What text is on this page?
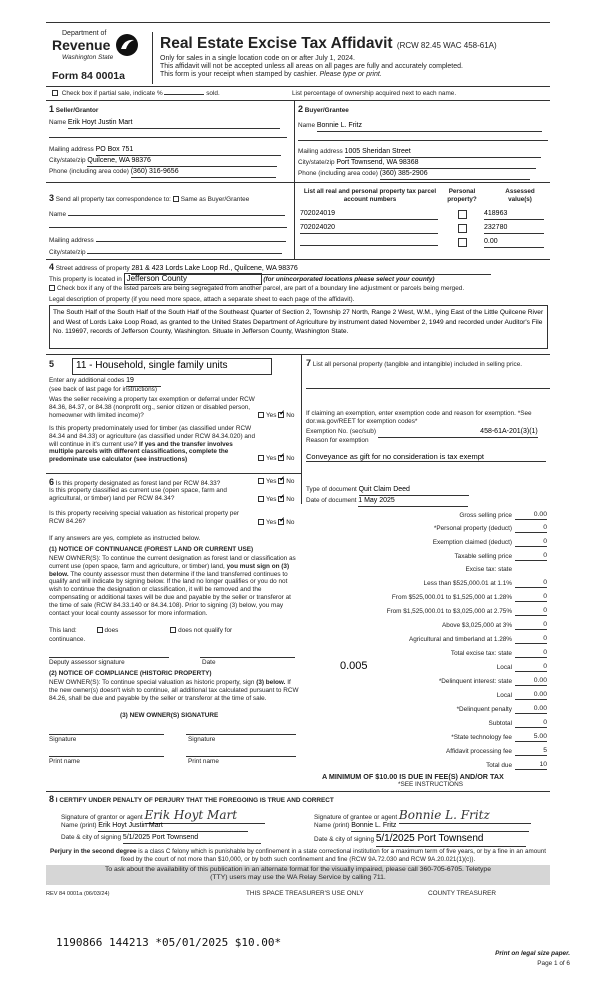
Department of
Revenue
Washington State
Form 84 0001a
Real Estate Excise Tax Affidavit (RCW 82.45 WAC 458-61A)
Only for sales in a single location code on or after July 1, 2024.
This affidavit will not be accepted unless all areas on all pages are fully and accurately completed.
This form is your receipt when stamped by cashier. Please type or print.
Check box if partial sale, indicate %	sold.	List percentage of ownership acquired next to each name.
1 Seller/Grantor
Name Erik Hoyt Justin Mart
Mailing address PO Box 751
City/state/zip Quilcene, WA 98376
Phone (including area code) (360) 316-9656
2 Buyer/Grantee
Name Bonnie L. Fritz
Mailing address 1005 Sheridan Street
City/state/zip Port Townsend, WA 98368
Phone (including area code) (360) 385-2906
3 Send all property tax correspondence to: Same as Buyer/Grantee
Name
Mailing address
City/state/zip
List all real and personal property tax parcel account numbers
Personal property?
Assessed value(s)
702024019	418963
702024020	232780
0.00
4 Street address of property 281 & 423 Lords Lake Loop Rd., Quilcene, WA 98376
This property is located in Jefferson County	(for unincorporated locations please select your county)
Check box if any of the listed parcels are being segregated from another parcel, are part of a boundary line adjustment or parcels being merged.
Legal description of property (if you need more space, attach a separate sheet to each page of the affidavit).
The South Half of the South Half of the South Half of the Southeast Quarter of Section 2, Township 27 North, Range 2 West, W.M., lying East of the Little Quilcene River and West of Lords Lake Loop Road, as granted to the United States Department of Agriculture by instrument dated November 2, 1949 and recorded under Auditor's File No. 119697, records of Jefferson County, Washington. Situate in Jefferson County, Washington State.
5	11 - Household, single family units
Enter any additional codes 19
(see back of last page for instructions)
Was the seller receiving a property tax exemption or deferral under RCW 84.36, 84.37, or 84.38 (nonprofit org., senior citizen or disabled person, homeowner with limited income)?	Yes ✓ No
Is this property predominately used for timber (as classified under RCW 84.34 and 84.33) or agriculture (as classified under RCW 84.34.020) and will continue in it's current use? If yes and the transfer involves multiple parcels with different classifications, complete the predominate use calculator (see instructions)	Yes ✓ No
7 List all personal property (tangible and intangible) included in selling price.
If claiming an exemption, enter exemption code and reason for exemption. *See dor.wa.gov/REET for exemption codes*
Exemption No. (sec/sub)	458-61A-201(3)(1)
Reason for exemption
Conveyance as gift for no consideration is tax exempt
6 Is this property designated as forest land per RCW 84.33?	Yes ✓ No
Is this property classified as current use (open space, farm and agricultural, or timber) land per RCW 84.34?	Yes ✓ No
Is this property receiving special valuation as historical property per RCW 84.26?	Yes ✓ No
If any answers are yes, complete as instructed below.
(1) NOTICE OF CONTINUANCE (FOREST LAND OR CURRENT USE)
NEW OWNER(S): To continue the current designation as forest land or classification as current use (open space, farm and agriculture, or timber) land, you must sign on (3) below. The county assessor must then determine if the land transferred continues to qualify and will indicate by signing below. If the land no longer qualifies or you do not wish to continue the designation or classification, it will be removed and the compensating or additional taxes will be due and payable by the seller or transferor at the time of sale (RCW 84.33.140 or 84.34.108). Prior to signing (3) below, you may contact your local county assessor for more information.
This land:	does	does not qualify for
continuance.
Deputy assessor signature	Date
(2) NOTICE OF COMPLIANCE (HISTORIC PROPERTY)
NEW OWNER(S): To continue special valuation as historic property, sign (3) below. If the new owner(s) doesn't wish to continue, all additional tax calculated pursuant to RCW 84.26, shall be due and payable by the seller or transferor at the time of sale.
(3) NEW OWNER(S) SIGNATURE
Signature	Signature
Print name	Print name
Type of document Quit Claim Deed
Date of document 1 May 2025
Gross selling price	0.00
*Personal property (deduct)	0
Exemption claimed (deduct)	0
Taxable selling price	0
Excise tax: state
Less than $525,000.01 at 1.1%	0
From $525,000.01 to $1,525,000 at 1.28%	0
From $1,525,000.01 to $3,025,000 at 2.75%	0
Above $3,025,000 at 3%	0
Agricultural and timberland at 1.28%	0
Total excise tax: state	0
0.005	Local	0
*Delinquent interest: state	0.00
Local	0.00
*Delinquent penalty	0.00
Subtotal	0
*State technology fee	5.00
Affidavit processing fee	5
Total due	10
A MINIMUM OF $10.00 IS DUE IN FEE(S) AND/OR TAX
*SEE INSTRUCTIONS
8 I CERTIFY UNDER PENALTY OF PERJURY THAT THE FOREGOING IS TRUE AND CORRECT
Signature of grantor or agent Erik Hoyt Mart
Name (print) Erik Hoyt Justin Mart
Date & city of signing 5/1/2025 Port Townsend
Signature of grantee or agent Bonnie L. Fritz
Name (print) Bonnie L. Fritz
Date & city of signing 5/1/2025 Port Townsend
Perjury in the second degree is a class C felony which is punishable by confinement in a state correctional institution for a maximum term of five years, or by a fine in an amount fixed by the court of not more than $10,000, or by both such confinement and fine (RCW 9A.72.030 and RCW 9A.20.021(1)(c)).
To ask about the availability of this publication in an alternate format for the visually impaired, please call 360-705-6705. Teletype
(TTY) users may use the WA Relay Service by calling 711.
REV 84 0001a (06/03/24)	THIS SPACE TREASURER'S USE ONLY	COUNTY TREASURER
1190866 144213 *05/01/2025 $10.00*
Print on legal size paper.
Page 1 of 6
